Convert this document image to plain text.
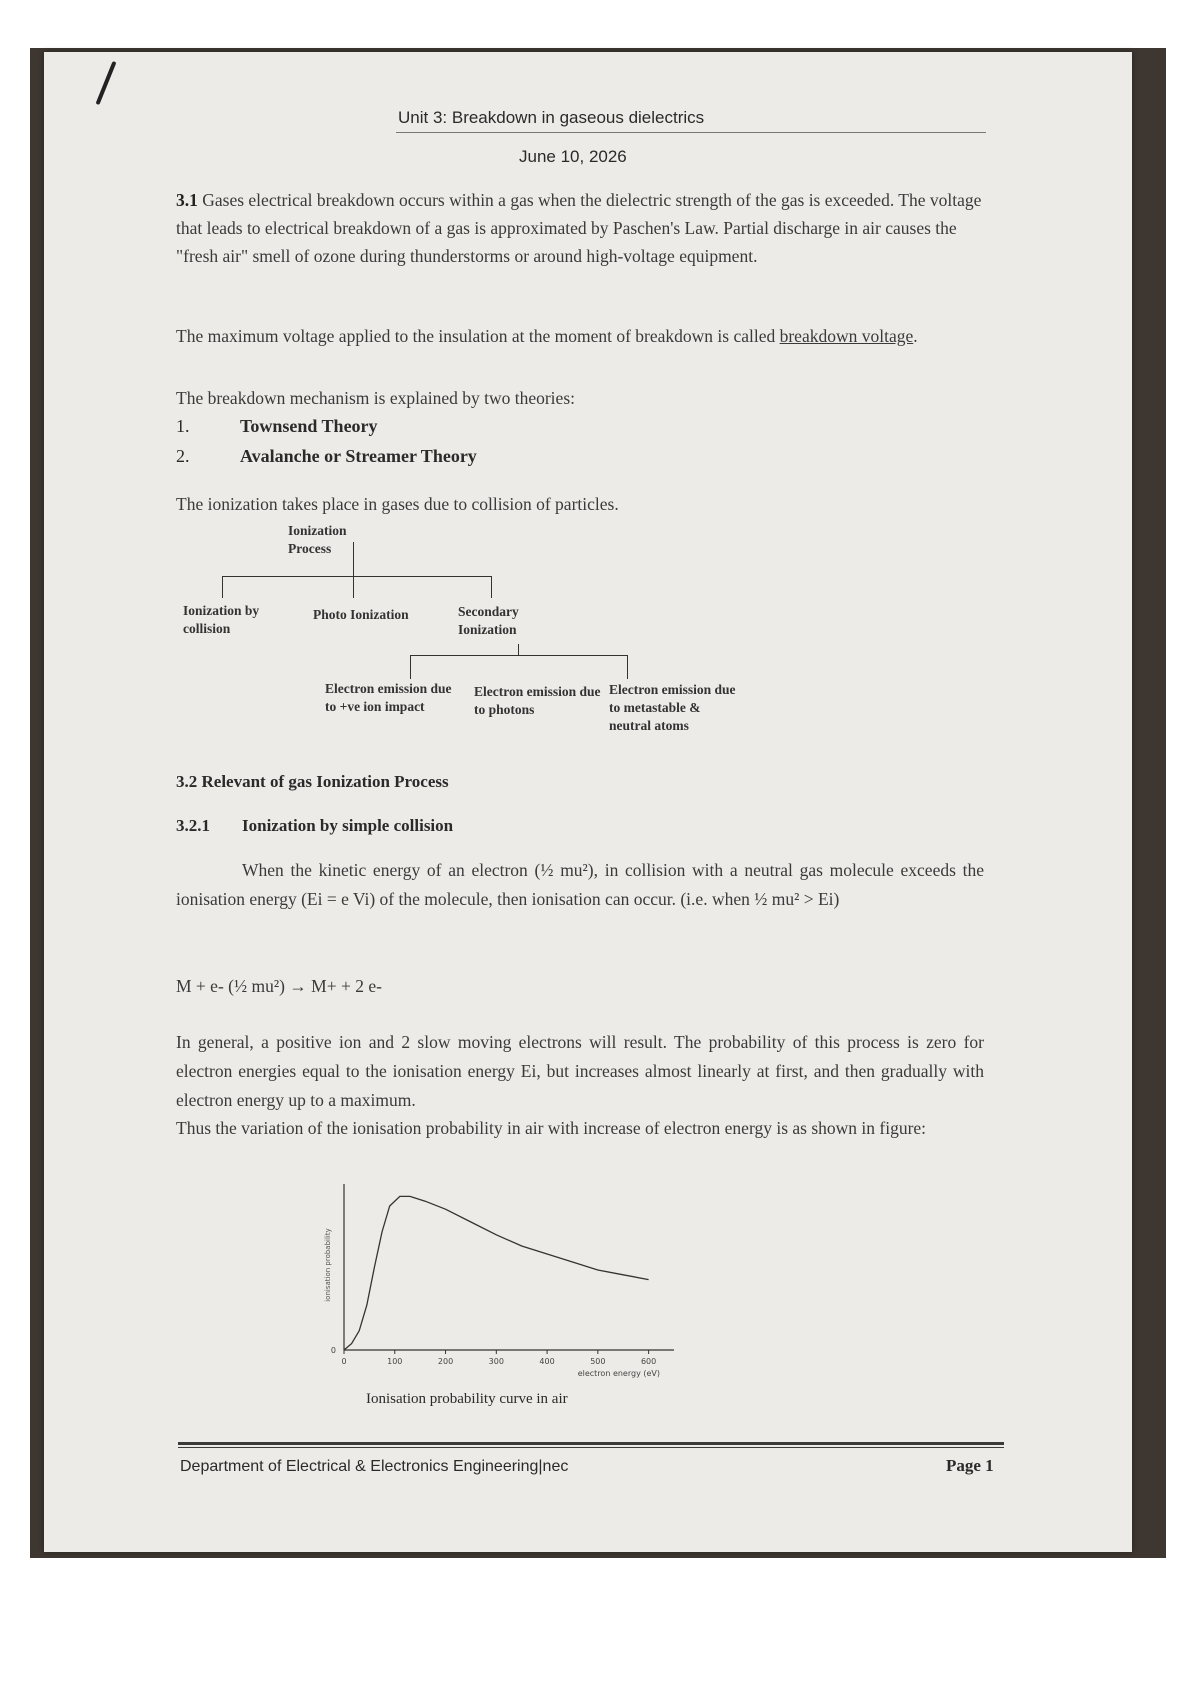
Unit 3: Breakdown in gaseous dielectrics
June 10, 2026
3.1 Gases electrical breakdown occurs within a gas when the dielectric strength of the gas is exceeded. The voltage that leads to electrical breakdown of a gas is approximated by Paschen's Law. Partial discharge in air causes the "fresh air" smell of ozone during thunderstorms or around high-voltage equipment.
The maximum voltage applied to the insulation at the moment of breakdown is called breakdown voltage.
The breakdown mechanism is explained by two theories:
1.	Townsend Theory
2.	Avalanche or Streamer Theory
The ionization takes place in gases due to collision of particles.
Ionization Process
Ionization by collision
Photo Ionization	Secondary Ionization
Electron emission due to +ve ion impact
Electron emission due to photons
Electron emission due to metastable & neutral atoms
3.2 Relevant of gas Ionization Process
3.2.1 Ionization by simple collision
When the kinetic energy of an electron (½ mu²), in collision with a neutral gas molecule exceeds the ionisation energy (Ei = e Vi) of the molecule, then ionisation can occur. (i.e. when ½ mu² > Ei)
M + e- (½ mu²) → M+ + 2 e-
In general, a positive ion and 2 slow moving electrons will result. The probability of this process is zero for electron energies equal to the ionisation energy Ei, but increases almost linearly at first, and then gradually with electron energy up to a maximum.
Thus the variation of the ionisation probability in air with increase of electron energy is as shown in figure:
0	100	200	300	400	500	600
0
electron energy (eV)
ionisation probability
Ionisation probability curve in air
Department of Electrical & Electronics Engineering|nec	Page 1
